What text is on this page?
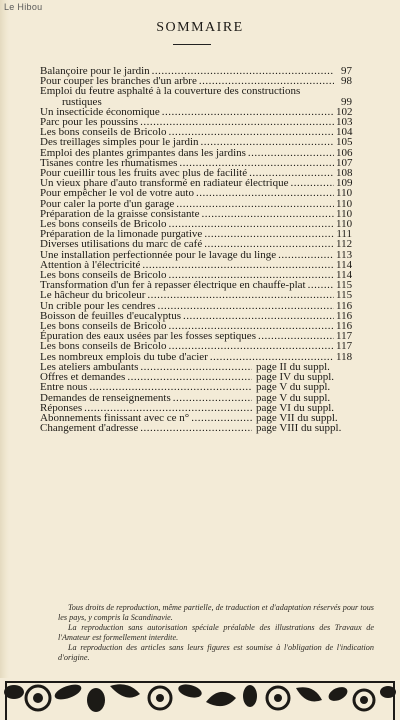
Le Hibou
SOMMAIRE
Balançoire pour le jardin .....	97
Pour couper les branches d'un arbre .....	98
Emploi du feutre asphalté à la couverture des constructions rustiques	99
Un insecticide économique .....	102
Parc pour les poussins .....	103
Les bons conseils de Bricolo .....	104
Des treillages simples pour le jardin .....	105
Emploi des plantes grimpantes dans les jardins .....	106
Tisanes contre les rhumatismes .....	107
Pour cueillir tous les fruits avec plus de facilité .....	108
Un vieux phare d'auto transformé en radiateur électrique .....	109
Pour empêcher le vol de votre auto .....	110
Pour caler la porte d'un garage .....	110
Préparation de la graisse consistante .....	110
Les bons conseils de Bricolo .....	110
Préparation de la limonade purgative .....	111
Diverses utilisations du marc de café .....	112
Une installation perfectionnée pour le lavage du linge .....	113
Attention à l'électricité .....	114
Les bons conseils de Bricolo .....	114
Transformation d'un fer à repasser électrique en chauffe-plat .....	115
Le hâcheur du bricoleur .....	115
Un crible pour les cendres .....	116
Boisson de feuilles d'eucalyptus .....	116
Les bons conseils de Bricolo .....	116
Épuration des eaux usées par les fosses septiques .....	117
Les bons conseils de Bricolo .....	117
Les nombreux emplois du tube d'acier .....	118
Les ateliers ambulants .....	page II du suppl.
Offres et demandes .....	page IV du suppl.
Entre nous .....	page V du suppl.
Demandes de renseignements .....	page V du suppl.
Réponses .....	page VI du suppl.
Abonnements finissant avec ce n° .....	page VII du suppl.
Changement d'adresse .....	page VIII du suppl.

Tous droits de reproduction, même partielle, de traduction et d'adaptation réservés pour tous les pays, y compris la Scandinavie.

La reproduction sans autorisation spéciale préalable des illustrations des Travaux de l'Amateur est formellement interdite.

La reproduction des articles sans leurs figures est soumise à l'obligation de l'indication d'origine.
